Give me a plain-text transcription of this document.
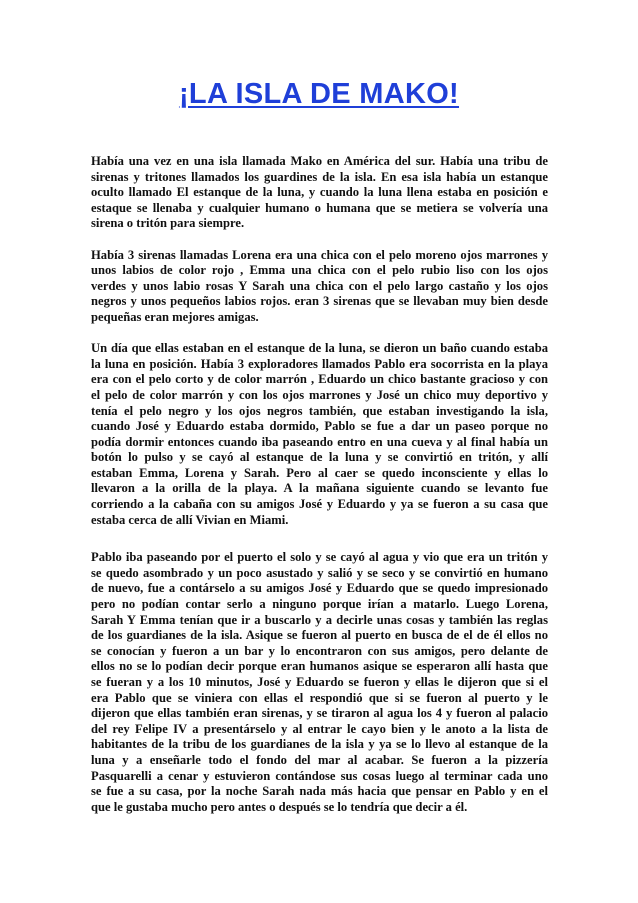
¡LA ISLA DE MAKO!
Había una vez en una isla llamada Mako en América del sur. Había una tribu de
sirenas y tritones llamados los guardines de la isla. En esa isla había un estanque
oculto llamado El estanque de la luna, y cuando la luna llena estaba en posición e
estaque se llenaba y cualquier humano o humana que se metiera se volvería una
sirena o tritón para siempre.
Había 3 sirenas llamadas Lorena era una chica con el pelo moreno ojos marrones y
unos labios de color rojo , Emma una chica con el pelo rubio liso con los ojos
verdes y unos labio rosas Y Sarah una chica con el pelo largo castaño y los ojos
negros y unos pequeños labios rojos. eran 3 sirenas que se llevaban muy bien desde
pequeñas eran mejores amigas.
Un día que ellas estaban en el estanque de la luna, se dieron un baño cuando estaba
la luna en posición. Había 3 exploradores llamados Pablo era socorrista en la playa
era con el pelo corto y de color marrón , Eduardo un chico bastante gracioso y con
el pelo de color marrón y con los ojos marrones y José un chico muy deportivo y
tenía el pelo negro y los ojos negros también, que estaban investigando la isla,
cuando José y Eduardo estaba dormido, Pablo se fue a dar un paseo porque no
podía dormir entonces cuando iba paseando entro en una cueva y al final había un
botón lo pulso y se cayó al estanque de la luna y se convirtió en tritón, y allí
estaban Emma, Lorena y Sarah. Pero al caer se quedo inconsciente y ellas lo
llevaron a la orilla de la playa. A la mañana siguiente cuando se levanto fue
corriendo a la cabaña con su amigos José y Eduardo y ya se fueron a su casa que
estaba cerca de allí Vivian en Miami.
Pablo iba paseando por el puerto el solo y se cayó al agua y vio que era un tritón y
se quedo asombrado y un poco asustado y salió y se seco y se convirtió en humano
de nuevo, fue a contárselo a su amigos José y Eduardo que se quedo impresionado
pero no podían contar serlo a ninguno porque irían a matarlo. Luego Lorena,
Sarah Y Emma tenían que ir a buscarlo y a decirle unas cosas y también las reglas
de los guardianes de la isla. Asique se fueron al puerto en busca de el de él ellos no
se conocían y fueron a un bar y lo encontraron con sus amigos, pero delante de
ellos no se lo podían decir porque eran humanos asique se esperaron allí hasta que
se fueran y a los 10 minutos, José y Eduardo se fueron y ellas le dijeron que si el
era Pablo que se viniera con ellas el respondió que si se fueron al puerto y le
dijeron que ellas también eran sirenas, y se tiraron al agua los 4 y fueron al palacio
del rey Felipe IV a presentárselo y al entrar le cayo bien y le anoto a la lista de
habitantes de la tribu de los guardianes de la isla y ya se lo llevo al estanque de la
luna y a enseñarle todo el fondo del mar al acabar. Se fueron a la pizzería
Pasquarelli a cenar y estuvieron contándose sus cosas luego al terminar cada uno
se fue a su casa, por la noche Sarah nada más hacia que pensar en Pablo y en el
que le gustaba mucho pero antes o después se lo tendría que decir a él.
